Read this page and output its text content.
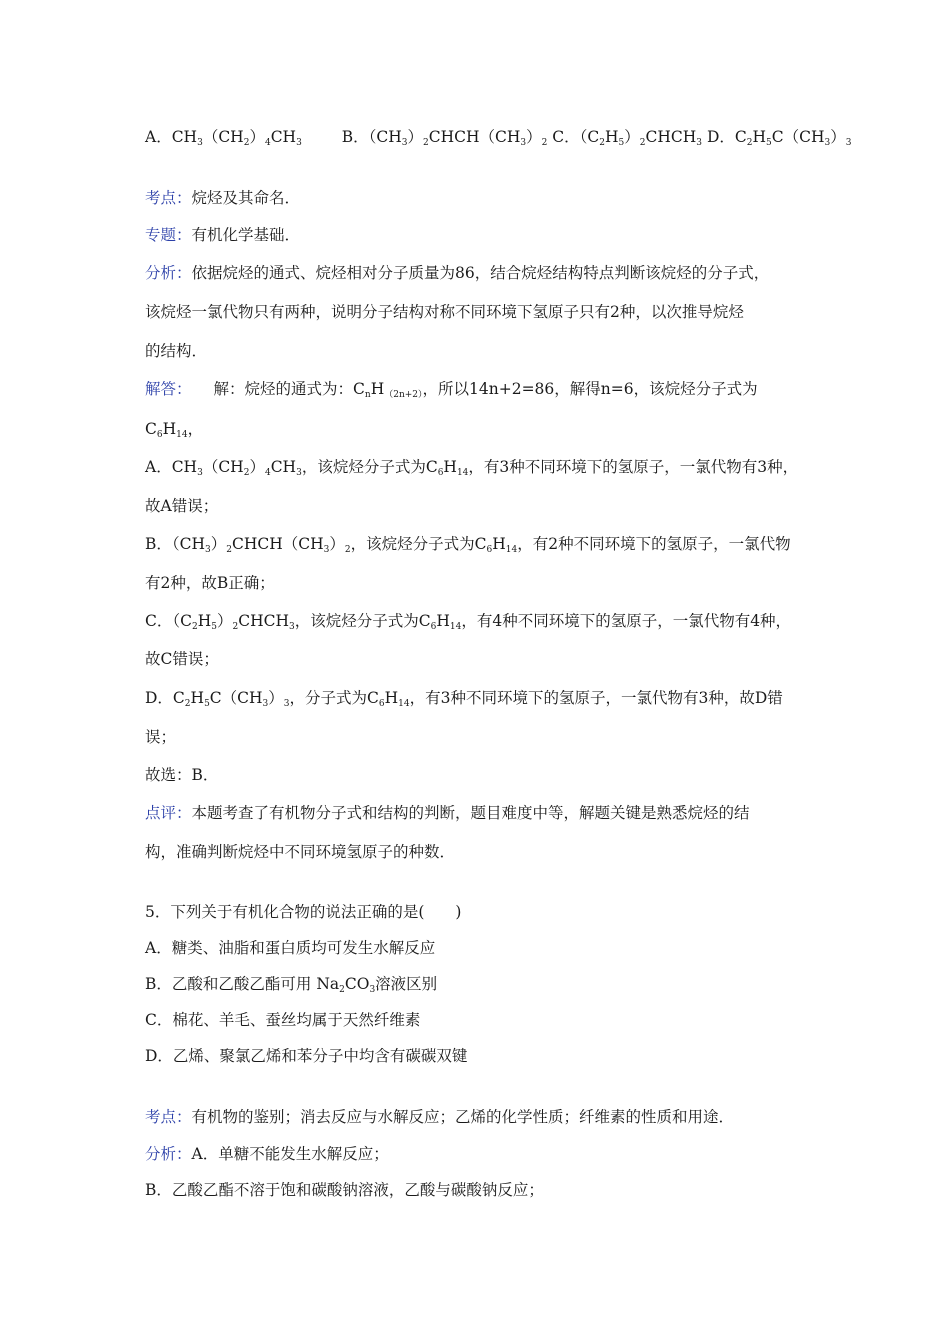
A．$CH_3(CH_2)_4CH_3$	B．$(CH_3)_2CHCH(CH_3)_2$ C．$(C_2H_5)_2CHCH_3$ D．$C_2H_5C(CH_3)_3$
考点：烷烃及其命名．
专题：有机化学基础．
分析：依据烷烃的通式、烷烃相对分子质量为86，结合烷烃结构特点判断该烷烃的分子式，
该烷烃一氯代物只有两种，说明分子结构对称不同环境下氢原子只有2种，以次推导烷烃
的结构．
解答： 解：烷烃的通式为：$C_nH_{(2n+2)}$，所以14n+2=86，解得n=6，该烷烃分子式为
$C_6H_{14}$，
A．$CH_3(CH_2)_4CH_3$，该烷烃分子式为$C_6H_{14}$，有3种不同环境下的氢原子，一氯代物有3种，
故A错误；
B．$(CH_3)_2CHCH(CH_3)_2$，该烷烃分子式为$C_6H_{14}$，有2种不同环境下的氢原子，一氯代物
有2种，故B正确；
C．$(C_2H_5)_2CHCH_3$，该烷烃分子式为$C_6H_{14}$，有4种不同环境下的氢原子，一氯代物有4种，
故C错误；
D．$C_2H_5C(CH_3)_3$，分子式为$C_6H_{14}$，有3种不同环境下的氢原子，一氯代物有3种，故D错
误；
故选：B．
点评：本题考查了有机物分子式和结构的判断，题目难度中等，解题关键是熟悉烷烃的结
构，准确判断烷烃中不同环境氢原子的种数．
5．下列关于有机化合物的说法正确的是(　　)
A．糖类、油脂和蛋白质均可发生水解反应
B．乙酸和乙酸乙酯可用 $Na_2CO_3$溶液区别
C．棉花、羊毛、蚕丝均属于天然纤维素
D．乙烯、聚氯乙烯和苯分子中均含有碳碳双键
考点：有机物的鉴别；消去反应与水解反应；乙烯的化学性质；纤维素的性质和用途．
分析：A．单糖不能发生水解反应；
B．乙酸乙酯不溶于饱和碳酸钠溶液，乙酸与碳酸钠反应；
